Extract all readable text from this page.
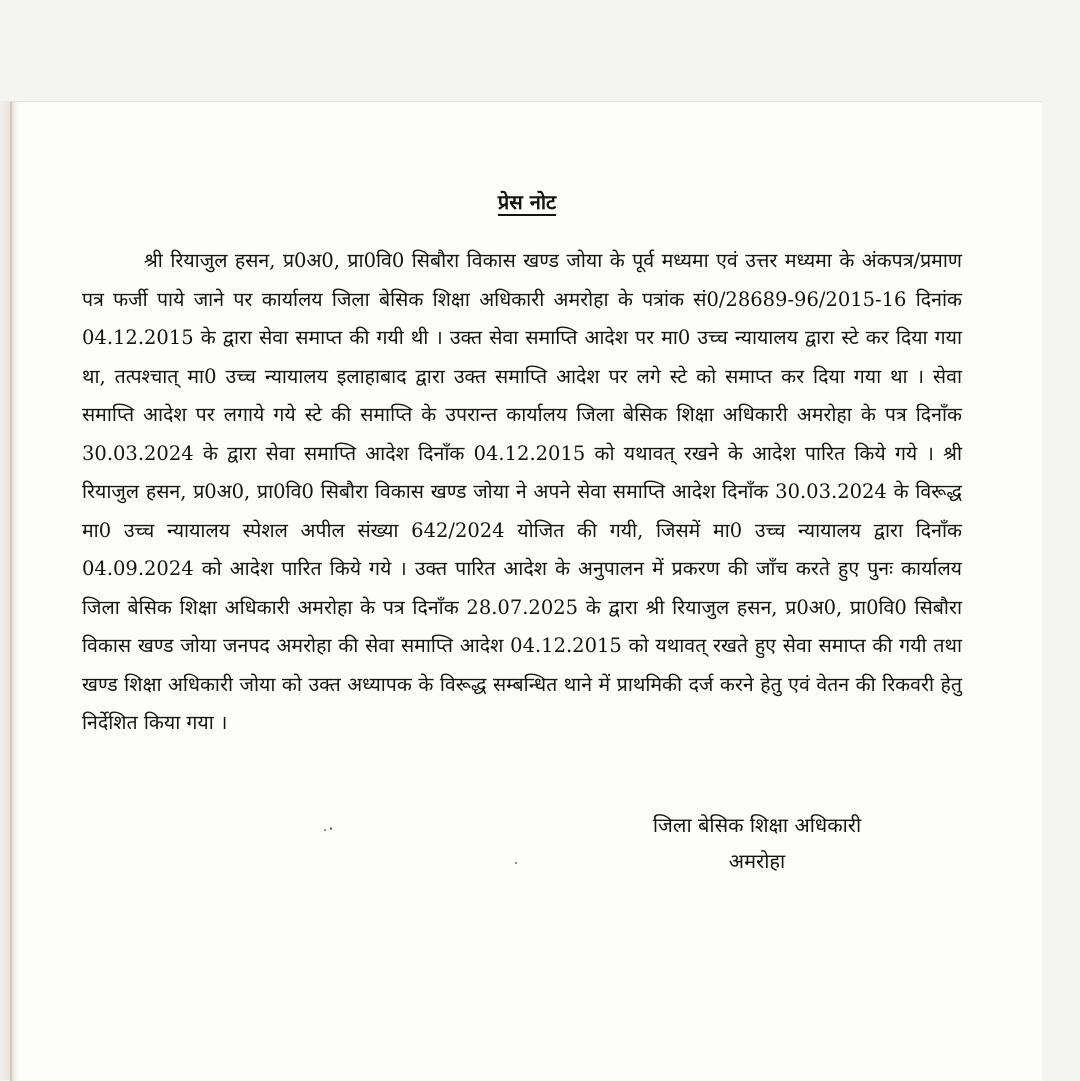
प्रेस नोट

श्री रियाजुल हसन, प्र0अ0, प्रा0वि0 सिबौरा विकास खण्ड जोया के पूर्व मध्यमा एवं उत्तर मध्यमा के अंकपत्र/प्रमाण पत्र फर्जी पाये जाने पर कार्यालय जिला बेसिक शिक्षा अधिकारी अमरोहा के पत्रांक सं0/28689-96/2015-16 दिनांक 04.12.2015 के द्वारा सेवा समाप्त की गयी थी । उक्त सेवा समाप्ति आदेश पर मा0 उच्च न्यायालय द्वारा स्टे कर दिया गया था, तत्पश्चात् मा0 उच्च न्यायालय इलाहाबाद द्वारा उक्त समाप्ति आदेश पर लगे स्टे को समाप्त कर दिया गया था । सेवा समाप्ति आदेश पर लगाये गये स्टे की समाप्ति के उपरान्त कार्यालय जिला बेसिक शिक्षा अधिकारी अमरोहा के पत्र दिनाँक 30.03.2024 के द्वारा सेवा समाप्ति आदेश दिनाँक 04.12.2015 को यथावत् रखने के आदेश पारित किये गये । श्री रियाजुल हसन, प्र0अ0, प्रा0वि0 सिबौरा विकास खण्ड जोया ने अपने सेवा समाप्ति आदेश दिनाँक 30.03.2024 के विरूद्ध मा0 उच्च न्यायालय स्पेशल अपील संख्या 642/2024 योजित की गयी, जिसमें मा0 उच्च न्यायालय द्वारा दिनाँक 04.09.2024 को आदेश पारित किये गये । उक्त पारित आदेश के अनुपालन में प्रकरण की जाँच करते हुए पुनः कार्यालय जिला बेसिक शिक्षा अधिकारी अमरोहा के पत्र दिनाँक 28.07.2025 के द्वारा श्री रियाजुल हसन, प्र0अ0, प्रा0वि0 सिबौरा विकास खण्ड जोया जनपद अमरोहा की सेवा समाप्ति आदेश 04.12.2015 को यथावत् रखते हुए सेवा समाप्त की गयी तथा खण्ड शिक्षा अधिकारी जोया को उक्त अध्यापक के विरूद्ध सम्बन्धित थाने में प्राथमिकी दर्ज करने हेतु एवं वेतन की रिकवरी हेतु निर्देशित किया गया ।

जिला बेसिक शिक्षा अधिकारी
अमरोहा
